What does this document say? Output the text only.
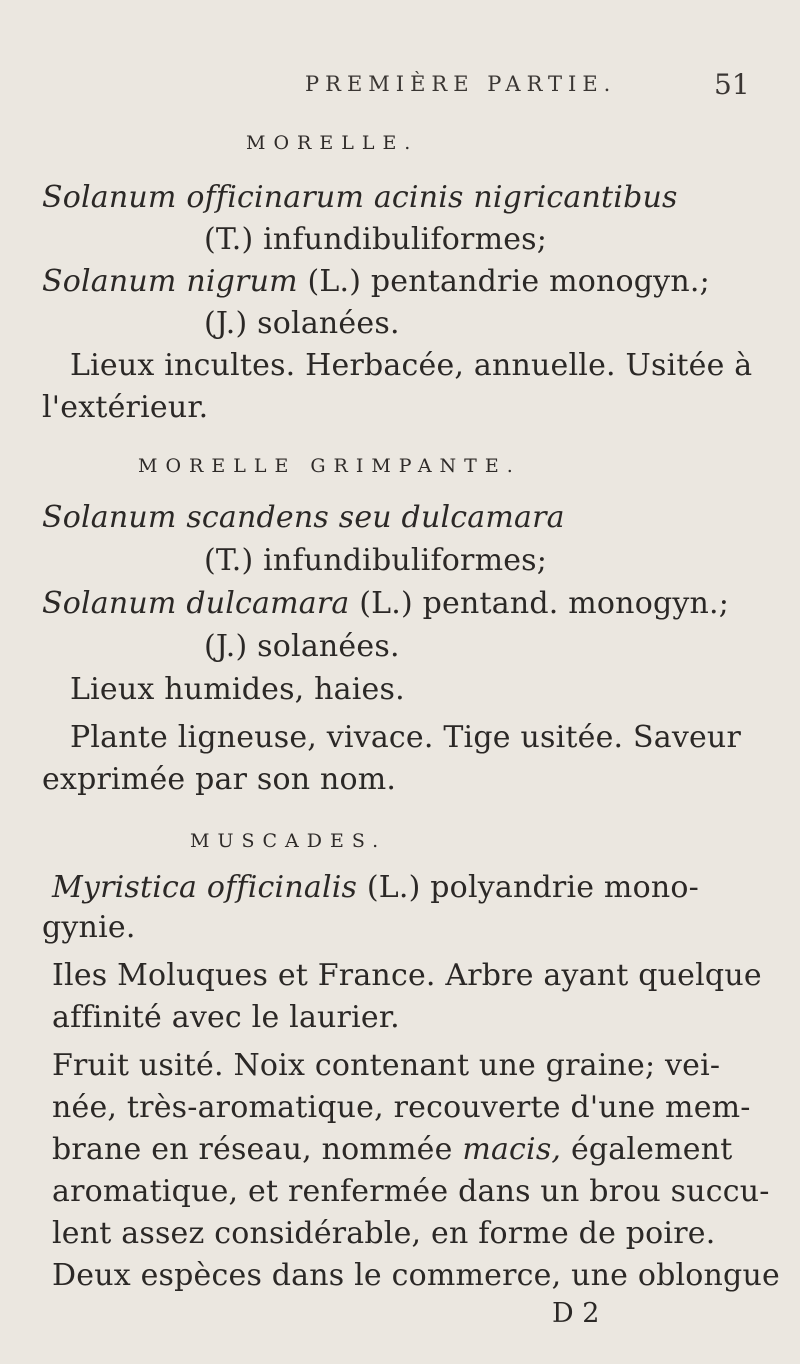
PREMIÈRE PARTIE.	51
MORELLE.
Solanum officinarum acinis nigricantibus
(T.) infundibuliformes;
Solanum nigrum (L.) pentandrie monogyn.;
(J.) solanées.
Lieux incultes. Herbacée, annuelle. Usitée à
l'extérieur.
MORELLE GRIMPANTE.
Solanum scandens seu dulcamara
(T.) infundibuliformes;
Solanum dulcamara (L.) pentand. monogyn.;
(J.) solanées.
Lieux humides, haies.
Plante ligneuse, vivace. Tige usitée. Saveur
exprimée par son nom.
MUSCADES.
Myristica officinalis (L.) polyandrie mono-
gynie.
Iles Moluques et France. Arbre ayant quelque
affinité avec le laurier.
Fruit usité. Noix contenant une graine; vei-
née, très-aromatique, recouverte d'une mem-
brane en réseau, nommée macis, également
aromatique, et renfermée dans un brou succu-
lent assez considérable, en forme de poire.
Deux espèces dans le commerce, une oblongue
D 2
